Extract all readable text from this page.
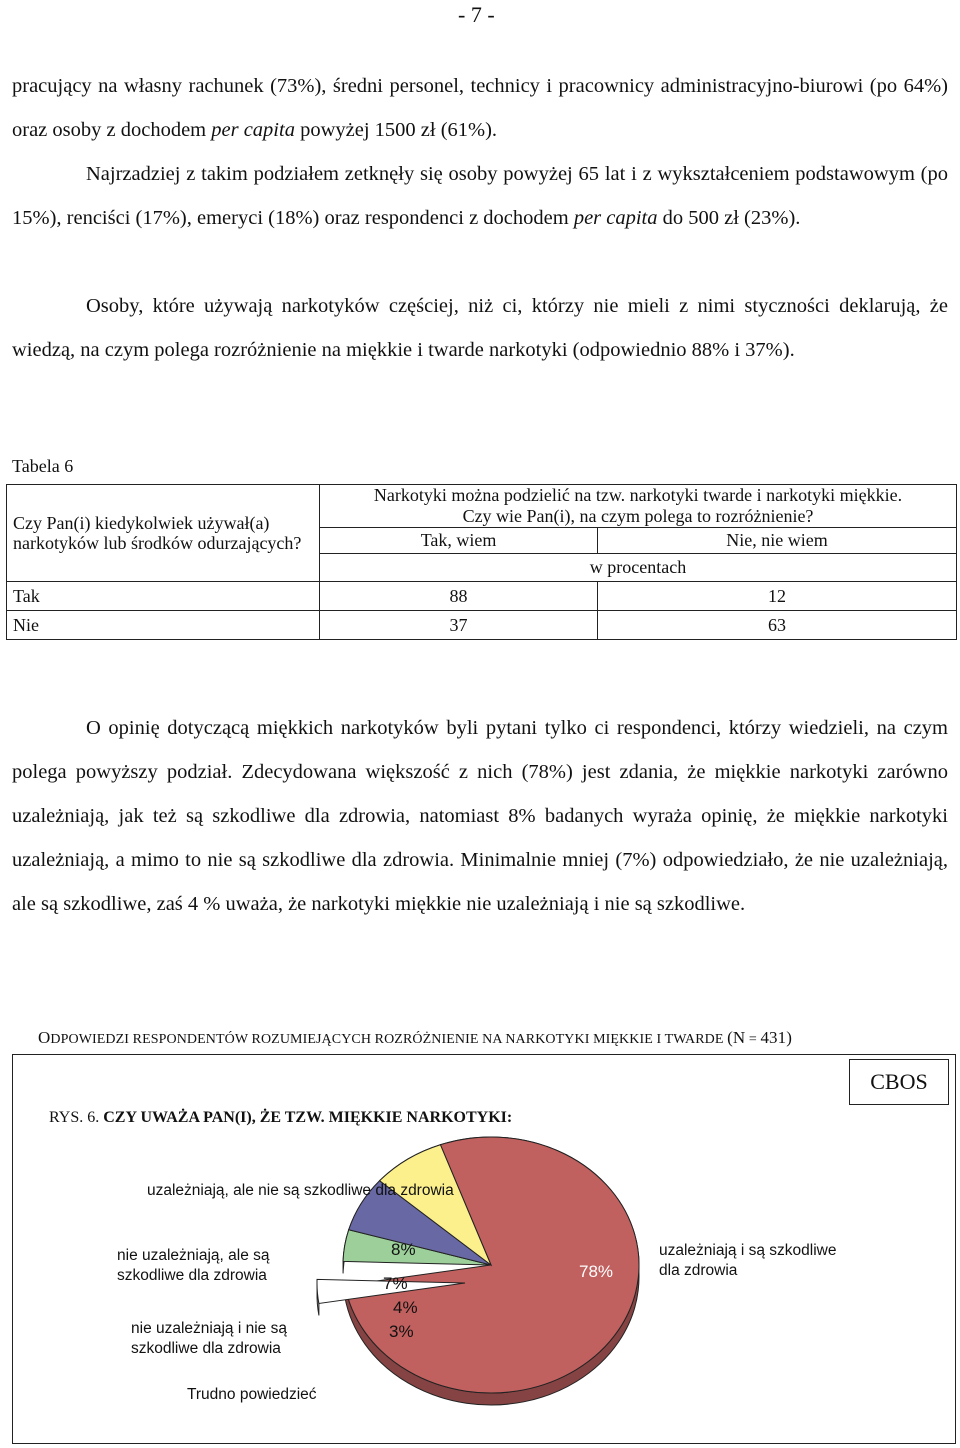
- 7 -

pracujący na własny rachunek (73%), średni personel, technicy i pracownicy administracyjno-biurowi (po 64%) oraz osoby z dochodem per capita powyżej 1500 zł (61%).

Najrzadziej z takim podziałem zetknęły się osoby powyżej 65 lat i z wykształceniem podstawowym (po 15%), renciści (17%), emeryci (18%) oraz respondenci z dochodem per capita do 500 zł (23%).

Osoby, które używają narkotyków częściej, niż ci, którzy nie mieli z nimi styczności deklarują, że wiedzą, na czym polega rozróżnienie na miękkie i twarde narkotyki (odpowiednio 88% i 37%).

Tabela 6
Czy Pan(i) kiedykolwiek używał(a) narkotyków lub środków odurzających?	Narkotyki można podzielić na tzw. narkotyki twarde i narkotyki miękkie.
Czy wie Pan(i), na czym polega to rozróżnienie?	

	Tak, wiem	Nie, nie wiem
	w procentach	
Tak	88	12
Nie	37	63

O opinię dotyczącą miękkich narkotyków byli pytani tylko ci respondenci, którzy wiedzieli, na czym polega powyższy podział. Zdecydowana większość z nich (78%) jest zdania, że miękkie narkotyki zarówno uzależniają, jak też są szkodliwe dla zdrowia, natomiast 8% badanych wyraża opinię, że miękkie narkotyki uzależniają, a mimo to nie są szkodliwe dla zdrowia. Minimalnie mniej (7%) odpowiedziało, że nie uzależniają, ale są szkodliwe, zaś 4 % uważa, że narkotyki miękkie nie uzależniają i nie są szkodliwe.

ODPOWIEDZI RESPONDENTÓW ROZUMIEJĄCYCH ROZRÓŻNIENIE NA NARKOTYKI MIĘKKIE I TWARDE (N = 431)
CBOS
RYS. 6. CZY UWAŻA PAN(I), ŻE TZW. MIĘKKIE NARKOTYKI:
78%
3%
4%
7%
8%
uzależniają, ale nie są szkodliwe dla zdrowia
nie uzależniają, ale są szkodliwe dla zdrowia
nie uzależniają i nie są szkodliwe dla zdrowia
Trudno powiedzieć
uzależniają i są szkodliwe dla zdrowia
